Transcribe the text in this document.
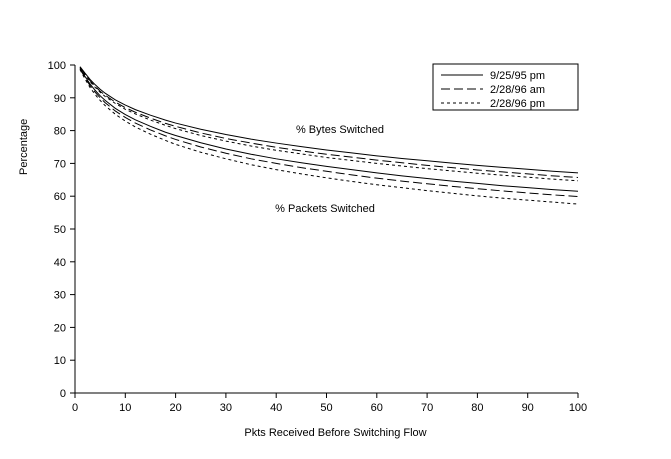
0
10
20
30
40
50
60
70
80
90
100
0	10	20	30	40	50	60	70	80	90	100
% Bytes Switched
% Packets Switched
9/25/95 pm
2/28/96 am
2/28/96 pm
Percentage
Pkts Received Before Switching Flow
